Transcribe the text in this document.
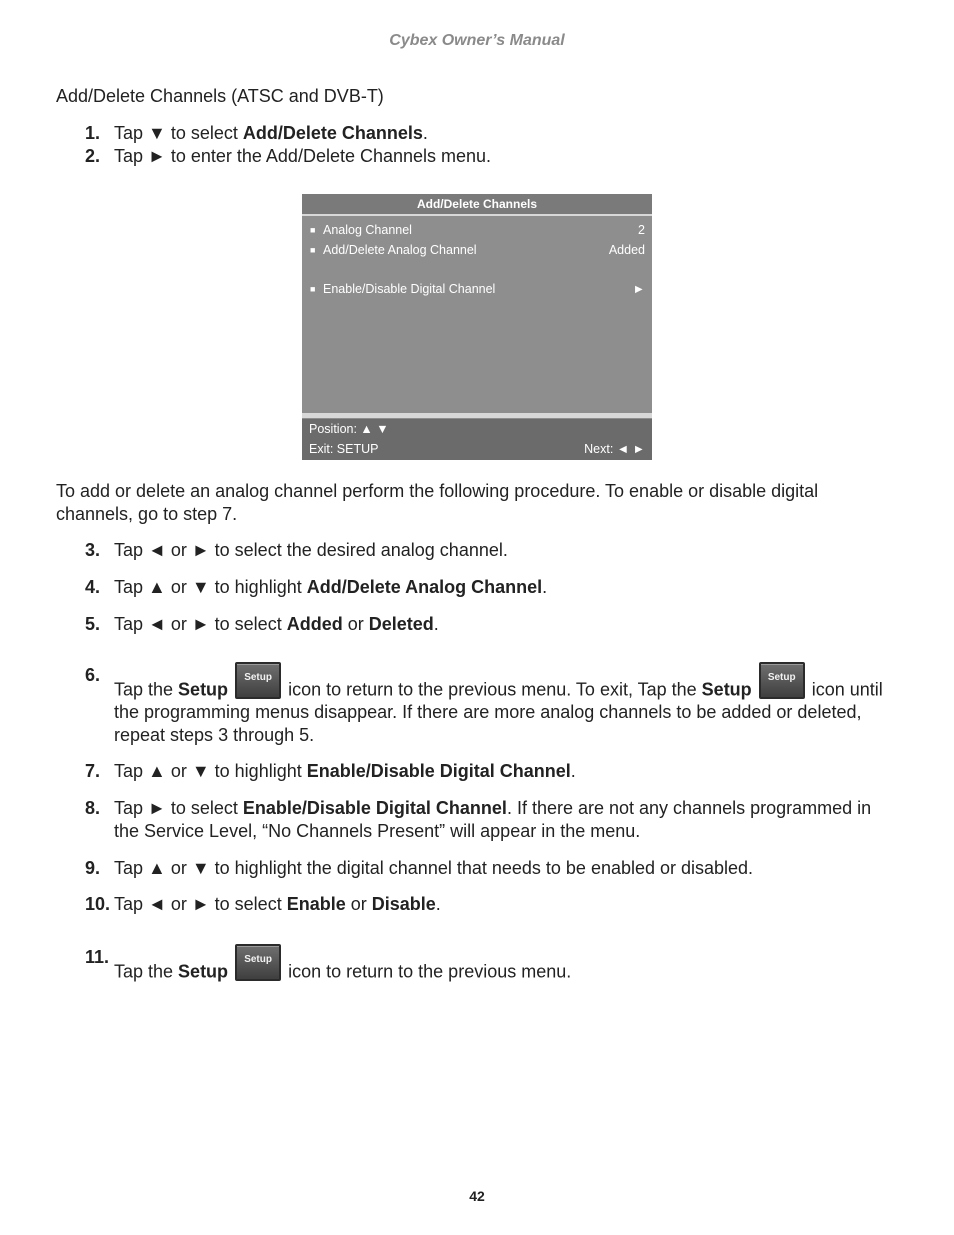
Cybex Owner’s Manual
Add/Delete Channels (ATSC and DVB-T)
1. Tap ▼ to select Add/Delete Channels.
2. Tap ► to enter the Add/Delete Channels menu.
Add/Delete Channels
■ Analog Channel	2
■ Add/Delete Analog Channel	Added
■ Enable/Disable Digital Channel	►
Position: ▲ ▼
Exit: SETUP	Next: ◄ ►
To add or delete an analog channel perform the following procedure. To enable or disable digital channels, go to step 7.
3. Tap ◄ or ► to select the desired analog channel.
4. Tap ▲ or ▼ to highlight Add/Delete Analog Channel.
5. Tap ◄ or ► to select Added or Deleted.
6.
Tap the Setup
Setup
icon to return to the previous menu. To exit, Tap the Setup
Setup
icon until the programming menus disappear. If there are more analog channels to be added or deleted, repeat steps 3 through 5.
7. Tap ▲ or ▼ to highlight Enable/Disable Digital Channel.
8. Tap ► to select Enable/Disable Digital Channel. If there are not any channels programmed in the Service Level, “No Channels Present” will appear in the menu.
9. Tap ▲ or ▼ to highlight the digital channel that needs to be enabled or disabled.
10. Tap ◄ or ► to select Enable or Disable.
11.
Tap the Setup
Setup
icon to return to the previous menu.
42
